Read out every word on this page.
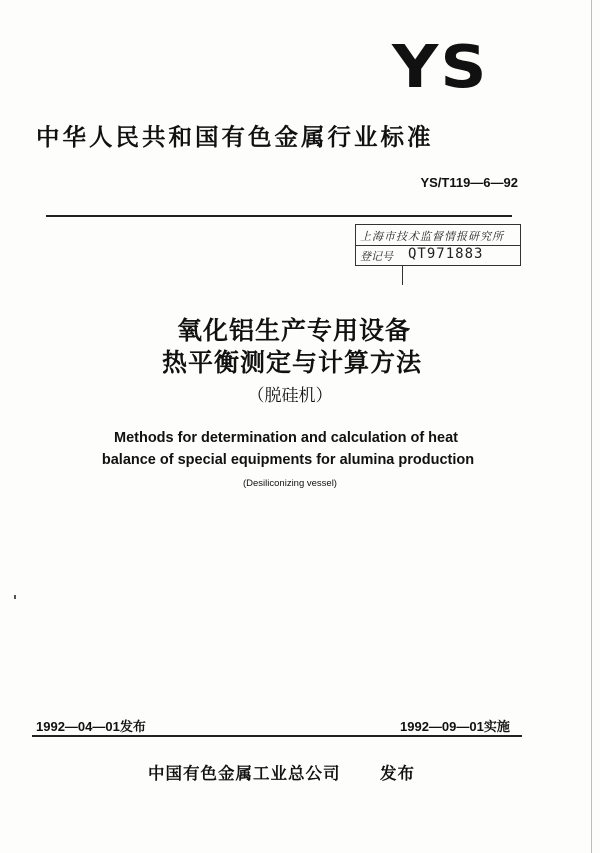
YS
中华人民共和国有色金属行业标准
YS/T119—6—92
上海市技术监督情报研究所
登记号 QT971883
氧化铝生产专用设备
热平衡测定与计算方法
（脱硅机）
Methods for determination and calculation of heat
balance of special equipments for alumina production
(Desiliconizing vessel)
1992—04—01发布	1992—09—01实施
中国有色金属工业总公司 发布
